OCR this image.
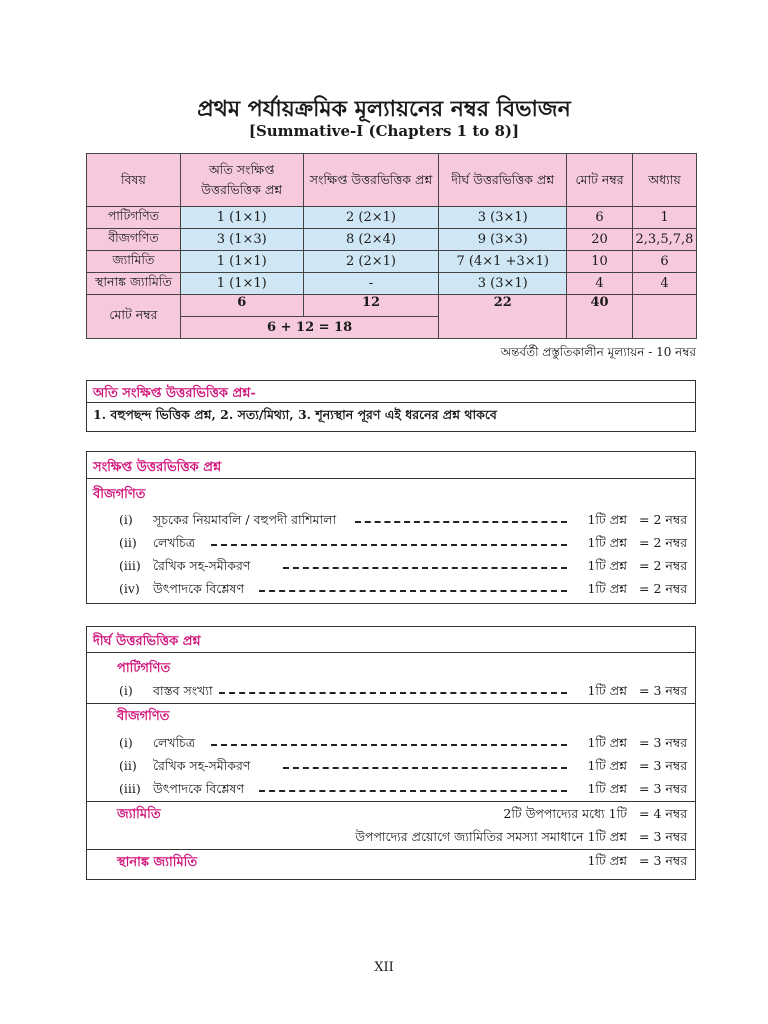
প্রথম পর্যায়ক্রমিক মূল্যায়নের নম্বর বিভাজন
[Summative-I (Chapters 1 to 8)]
বিষয়	অতি সংক্ষিপ্ত উত্তরভিত্তিক প্রশ্ন	সংক্ষিপ্ত উত্তরভিত্তিক প্রশ্ন	দীর্ঘ উত্তরভিত্তিক প্রশ্ন	মোট নম্বর	অধ্যায়
পাটিগণিত	1 (1×1)	2 (2×1)	3 (3×1)	6	1
বীজগণিত	3 (1×3)	8 (2×4)	9 (3×3)	20	2,3,5,7,8
জ্যামিতি	1 (1×1)	2 (2×1)	7 (4×1 +3×1)	10	6
স্থানাঙ্ক জ্যামিতি	1 (1×1)	-	3 (3×1)	4	4
মোট নম্বর	6	12	22	40	
	6 + 12 = 18				
অন্তর্বর্তী প্রস্তুতিকালীন মূল্যায়ন - 10 নম্বর
অতি সংক্ষিপ্ত উত্তরভিত্তিক প্রশ্ন-
1. বহুপছন্দ ভিত্তিক প্রশ্ন, 2. সত্য/মিথ্যা, 3. শূন্যস্থান পূরণ এই ধরনের প্রশ্ন থাকবে
সংক্ষিপ্ত উত্তরভিত্তিক প্রশ্ন
বীজগণিত
(i) সূচকের নিয়মাবলি / বহুপদী রাশিমালা	1টি প্রশ্ন = 2 নম্বর
(ii) লেখচিত্র	1টি প্রশ্ন = 2 নম্বর
(iii) রৈখিক সহ-সমীকরণ	1টি প্রশ্ন = 2 নম্বর
(iv) উৎপাদকে বিশ্লেষণ	1টি প্রশ্ন = 2 নম্বর
দীর্ঘ উত্তরভিত্তিক প্রশ্ন
পাটিগণিত
(i) বাস্তব সংখ্যা	1টি প্রশ্ন = 3 নম্বর
বীজগণিত
(i) লেখচিত্র	1টি প্রশ্ন = 3 নম্বর
(ii) রৈখিক সহ-সমীকরণ	1টি প্রশ্ন = 3 নম্বর
(iii) উৎপাদকে বিশ্লেষণ	1টি প্রশ্ন = 3 নম্বর
জ্যামিতি	2টি উপপাদ্যের মধ্যে 1টি = 4 নম্বর
উপপাদ্যের প্রয়োগে জ্যামিতির সমস্যা সমাধানে 1টি প্রশ্ন = 3 নম্বর
স্থানাঙ্ক জ্যামিতি	1টি প্রশ্ন = 3 নম্বর
XII
